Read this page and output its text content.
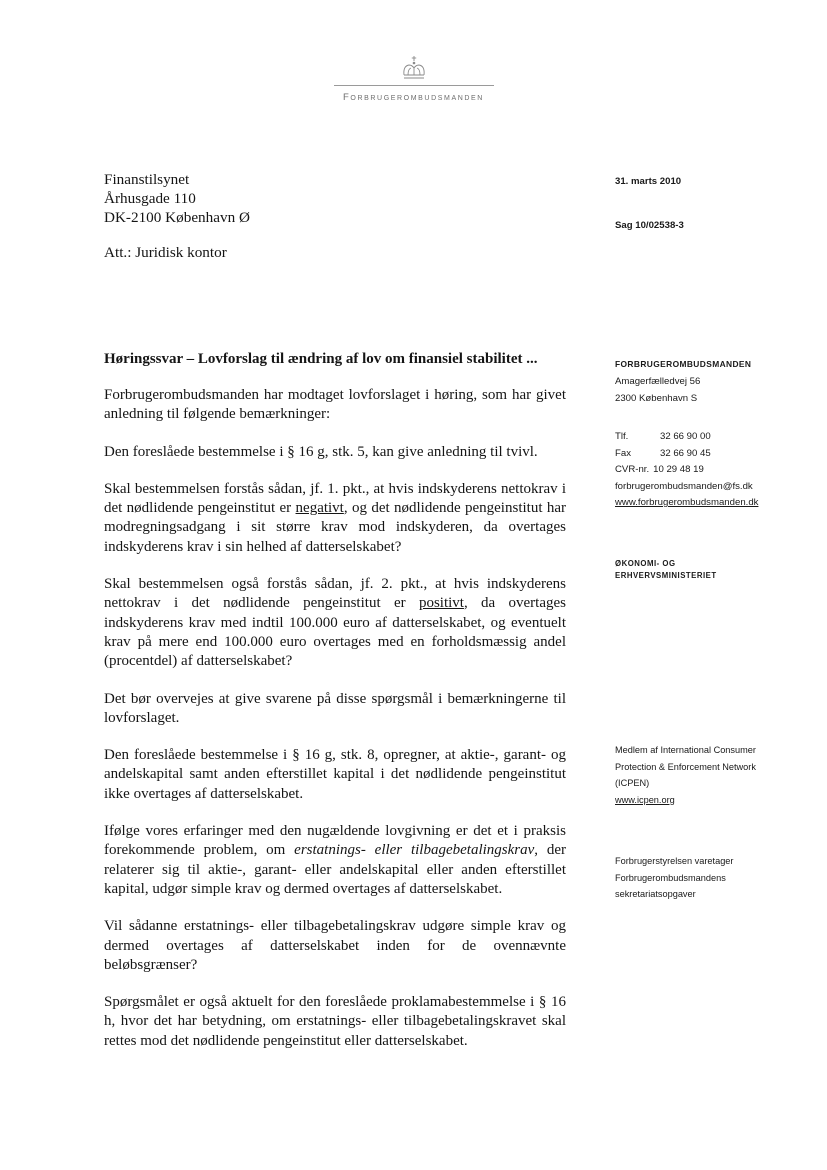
Forbrugerombudsmanden
Finanstilsynet
Århusgade 110
DK-2100 København Ø
Att.: Juridisk kontor
31. marts 2010
Sag 10/02538-3
Høringssvar – Lovforslag til ændring af lov om finansiel stabilitet ...

Forbrugerombudsmanden har modtaget lovforslaget i høring, som har givet anledning til følgende bemærkninger:

Den foreslåede bestemmelse i § 16 g, stk. 5, kan give anledning til tvivl.

Skal bestemmelsen forstås sådan, jf. 1. pkt., at hvis indskyderens nettokrav i det nødlidende pengeinstitut er negativt, og det nødlidende pengeinstitut har modregningsadgang i sit større krav mod indskyderen, da overtages indskyderens krav i sin helhed af datterselskabet?

Skal bestemmelsen også forstås sådan, jf. 2. pkt., at hvis indskyderens nettokrav i det nødlidende pengeinstitut er positivt, da overtages indskyderens krav med indtil 100.000 euro af datterselskabet, og eventuelt krav på mere end 100.000 euro overtages med en forholdsmæssig andel (procentdel) af datterselskabet?

Det bør overvejes at give svarene på disse spørgsmål i bemærkningerne til lovforslaget.

Den foreslåede bestemmelse i § 16 g, stk. 8, opregner, at aktie-, garant- og andelskapital samt anden efterstillet kapital i det nødlidende pengeinstitut ikke overtages af datterselskabet.

Ifølge vores erfaringer med den nugældende lovgivning er det et i praksis forekommende problem, om erstatnings- eller tilbagebetalingskrav, der relaterer sig til aktie-, garant- eller andelskapital eller anden efterstillet kapital, udgør simple krav og dermed overtages af datterselskabet.

Vil sådanne erstatnings- eller tilbagebetalingskrav udgøre simple krav og dermed overtages af datterselskabet inden for de ovennævnte beløbsgrænser?

Spørgsmålet er også aktuelt for den foreslåede proklamabestemmelse i § 16 h, hvor det har betydning, om erstatnings- eller tilbagebetalingskravet skal rettes mod det nødlidende pengeinstitut eller datterselskabet.

FORBRUGEROMBUDSMANDEN
Amagerfælledvej 56
2300 København S
Tlf.	32 66 90 00
Fax	32 66 90 45
CVR-nr. 10 29 48 19
forbrugerombudsmanden@fs.dk
www.forbrugerombudsmanden.dk
ØKONOMI- OG
ERHVERVSMINISTERIET
Medlem af International Consumer
Protection & Enforcement Network
(ICPEN)
www.icpen.org
Forbrugerstyrelsen varetager
Forbrugerombudsmandens
sekretariatsopgaver
